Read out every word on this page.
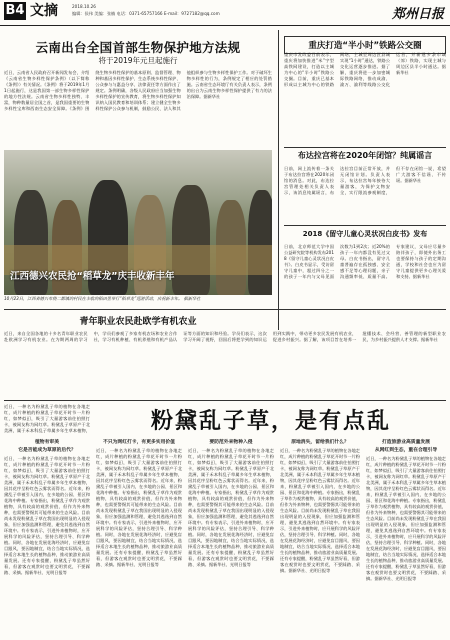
B4 文摘	2018.10.26
编辑：侯伟 美编：张楠 电话：0371-65757166 E-mail：9727182@qq.com	郑州日报
云南出台全国首部生物保护地方法规
将于2019年元旦起施行
近日，云南省人民政府召开新闻发布会，介绍《云南省生物多样性保护条例》（以下简称《条例》）有关情况。《条例》将于2019年1月1日起施行，这是我国第一部生物多样性保护的地方性法规。云南省生物多样性独特、丰富，物种数量居全国之首，是我国重要的生物多样性宝库和西南生态安全屏障。《条例》围绕生物多样性保护的基本原则、监督管理、物种和基因多样性保护、生态系统多样性保护、公众参与与惠益分享、法律责任等方面作出了规定。条例明确，各级人民政府应当加强生物多样性保护的宣传教育，将生物多样性保护知识纳入国民教育和培训体系；建立健全生物多样性保护公众参与机制，鼓励公民、法人和其他组织参与生物多样性保护工作。对于破坏生物多样性的行为，条例规定了相应的处罚措施。云南省生态环境厅有关负责人表示，条例的出台为云南生物多样性保护提供了有力的法治保障。据新华社
江西德兴农民抢“稻草龙”庆丰收新丰年
10月23日，江西省德兴市绕二都镇的村民在丰收的稻田里举行“稻草龙”巡游活动，庆祝新丰年。 据新华社
重庆打造“半小时”铁路公交圈
重庆市发改委日前表示，重庆将加快推进“米”字型高铁网建设，打造以主城为中心的“半小时”铁路公交圈。目前，重庆已基本形成以主城为中心的铁路网络，主城至周边区县城实现“1小时”通达，铁路公交化运营逐步推进。据了解，重庆将进一步加密城际铁路网络，推动成渝、渝万、渝利等线路公交化运营，并新建多条市域（郊）铁路，实现主城与周边区县半小时通达。据新华社
布达拉宫将在2020年闭馆？纯属谣言
日前，网上流传着一条关于布达拉宫将在2020年闭馆的消息。对此，布达拉宫管理处相关负责人表示，该消息纯属谣言，布达拉宫目前正常开放，并无闭馆计划。负责人表示，布达拉宫每年接待大量游客，为保护文物安全，实行限流参观制度，但不存在闭馆一说，希望广大游客不信谣、不传谣。据新华社
2018《留守儿童心灵状况白皮书》发布
日前，北京师范大学中国公益研究院等机构发布2018《留守儿童心灵状况白皮书》。白皮书显示，受访留守儿童中，超过四分之一的孩子一年内与父母见面次数为1到2次；近20%的孩子一年内都没有见过父母。白皮书指出，留守儿童普遍存在孤独感、安全感不足等心理问题，亲子沟通频率低、质量不高。专家建议，父母应尽量多陪伴孩子，即使外出务工也要保持与孩子的定期沟通，学校和社会也应为留守儿童提供更多心理关爱和支持。据新华社
青年职业农民赴欧学有机农业
近日，来自全国各地的十多名青年职业农民赴欧洲学习有机农业。在为期两周的学习中，学员们参观了多家有机农场和农业合作社，学习有机种植、有机养殖和有机产品认证等方面的知识和经验。学员们表示，这次学习开阔了视野，回国后将把学到的知识运用到实践中，带动更多农民发展有机农业，促进乡村振兴。据了解，该项目旨在培养一批懂技术、会经营、善管理的新型职业农民，为乡村振兴提供人才支撑。据新华社
近日，一种名为粉黛乱子草的植物在各地走红，成片种植的粉黛乱子草花开时节一片粉红，如梦似幻，吸引了大量游客前往拍照打卡，被网友称为网红草。粉黛乱子草原产于北美洲，属于禾本科乱子草属多年生草本植物，	粉黛乱子草，是有点乱
植物有审美
它是否能成为草原的后代？
近日，一种名为粉黛乱子草的植物在各地走红，成片种植的粉黛乱子草花开时节一片粉红，如梦似幻，吸引了大量游客前往拍照打卡，被网友称为网红草。粉黛乱子草原产于北美洲，属于禾本科乱子草属多年生草本植物，因其花序呈粉红色云雾状而得名。近年来，粉黛乱子草被引入国内，在多地的公园、景区和花海中种植。专家指出，粉黛乱子草作为观赏植物，具有较高的观赏价值，但作为外来物种，也需要警惕其可能带来的生态风险。目前尚未发现粉黛乱子草在我国出现明显的入侵现象，但应加强监测和管理，避免其逃逸到自然环境中。有专家表示，引进外来植物时，应开展科学的风险评估，坚持合理引导、科学种植。同时，各地在发展花海经济时，应避免盲目跟风，要因地制宜，结合当地实际情况，选择适合本地生长的植物品种，推动旅游业高质量发展。还有专家提醒，粉黛乱子草虽然好看，但游客在观赏时也要文明赏花，不要踩踏、采摘。据新华社、光明日报等
不只为网红打卡，有更多实用价值
近日，一种名为粉黛乱子草的植物在各地走红，成片种植的粉黛乱子草花开时节一片粉红，如梦似幻，吸引了大量游客前往拍照打卡，被网友称为网红草。粉黛乱子草原产于北美洲，属于禾本科乱子草属多年生草本植物，因其花序呈粉红色云雾状而得名。近年来，粉黛乱子草被引入国内，在多地的公园、景区和花海中种植。专家指出，粉黛乱子草作为观赏植物，具有较高的观赏价值，但作为外来物种，也需要警惕其可能带来的生态风险。目前尚未发现粉黛乱子草在我国出现明显的入侵现象，但应加强监测和管理，避免其逃逸到自然环境中。有专家表示，引进外来植物时，应开展科学的风险评估，坚持合理引导、科学种植。同时，各地在发展花海经济时，应避免盲目跟风，要因地制宜，结合当地实际情况，选择适合本地生长的植物品种，推动旅游业高质量发展。还有专家提醒，粉黛乱子草虽然好看，但游客在观赏时也要文明赏花，不要踩踏、采摘。据新华社、光明日报等
要防范外来物种入侵
近日，一种名为粉黛乱子草的植物在各地走红，成片种植的粉黛乱子草花开时节一片粉红，如梦似幻，吸引了大量游客前往拍照打卡，被网友称为网红草。粉黛乱子草原产于北美洲，属于禾本科乱子草属多年生草本植物，因其花序呈粉红色云雾状而得名。近年来，粉黛乱子草被引入国内，在多地的公园、景区和花海中种植。专家指出，粉黛乱子草作为观赏植物，具有较高的观赏价值，但作为外来物种，也需要警惕其可能带来的生态风险。目前尚未发现粉黛乱子草在我国出现明显的入侵现象，但应加强监测和管理，避免其逃逸到自然环境中。有专家表示，引进外来植物时，应开展科学的风险评估，坚持合理引导、科学种植。同时，各地在发展花海经济时，应避免盲目跟风，要因地制宜，结合当地实际情况，选择适合本地生长的植物品种，推动旅游业高质量发展。还有专家提醒，粉黛乱子草虽然好看，但游客在观赏时也要文明赏花，不要踩踏、采摘。据新华社、光明日报等
原地消失，留给我们什么？
近日，一种名为粉黛乱子草的植物在各地走红，成片种植的粉黛乱子草花开时节一片粉红，如梦似幻，吸引了大量游客前往拍照打卡，被网友称为网红草。粉黛乱子草原产于北美洲，属于禾本科乱子草属多年生草本植物，因其花序呈粉红色云雾状而得名。近年来，粉黛乱子草被引入国内，在多地的公园、景区和花海中种植。专家指出，粉黛乱子草作为观赏植物，具有较高的观赏价值，但作为外来物种，也需要警惕其可能带来的生态风险。目前尚未发现粉黛乱子草在我国出现明显的入侵现象，但应加强监测和管理，避免其逃逸到自然环境中。有专家表示，引进外来植物时，应开展科学的风险评估，坚持合理引导、科学种植。同时，各地在发展花海经济时，应避免盲目跟风，要因地制宜，结合当地实际情况，选择适合本地生长的植物品种，推动旅游业高质量发展。还有专家提醒，粉黛乱子草虽然好看，但游客在观赏时也要文明赏花，不要踩踏、采摘。据新华社、光明日报等
打造旅游业高质量发展
从网红到生态，重在合理引导
近日，一种名为粉黛乱子草的植物在各地走红，成片种植的粉黛乱子草花开时节一片粉红，如梦似幻，吸引了大量游客前往拍照打卡，被网友称为网红草。粉黛乱子草原产于北美洲，属于禾本科乱子草属多年生草本植物，因其花序呈粉红色云雾状而得名。近年来，粉黛乱子草被引入国内，在多地的公园、景区和花海中种植。专家指出，粉黛乱子草作为观赏植物，具有较高的观赏价值，但作为外来物种，也需要警惕其可能带来的生态风险。目前尚未发现粉黛乱子草在我国出现明显的入侵现象，但应加强监测和管理，避免其逃逸到自然环境中。有专家表示，引进外来植物时，应开展科学的风险评估，坚持合理引导、科学种植。同时，各地在发展花海经济时，应避免盲目跟风，要因地制宜，结合当地实际情况，选择适合本地生长的植物品种，推动旅游业高质量发展。还有专家提醒，粉黛乱子草虽然好看，但游客在观赏时也要文明赏花，不要踩踏、采摘。据新华社、光明日报等
